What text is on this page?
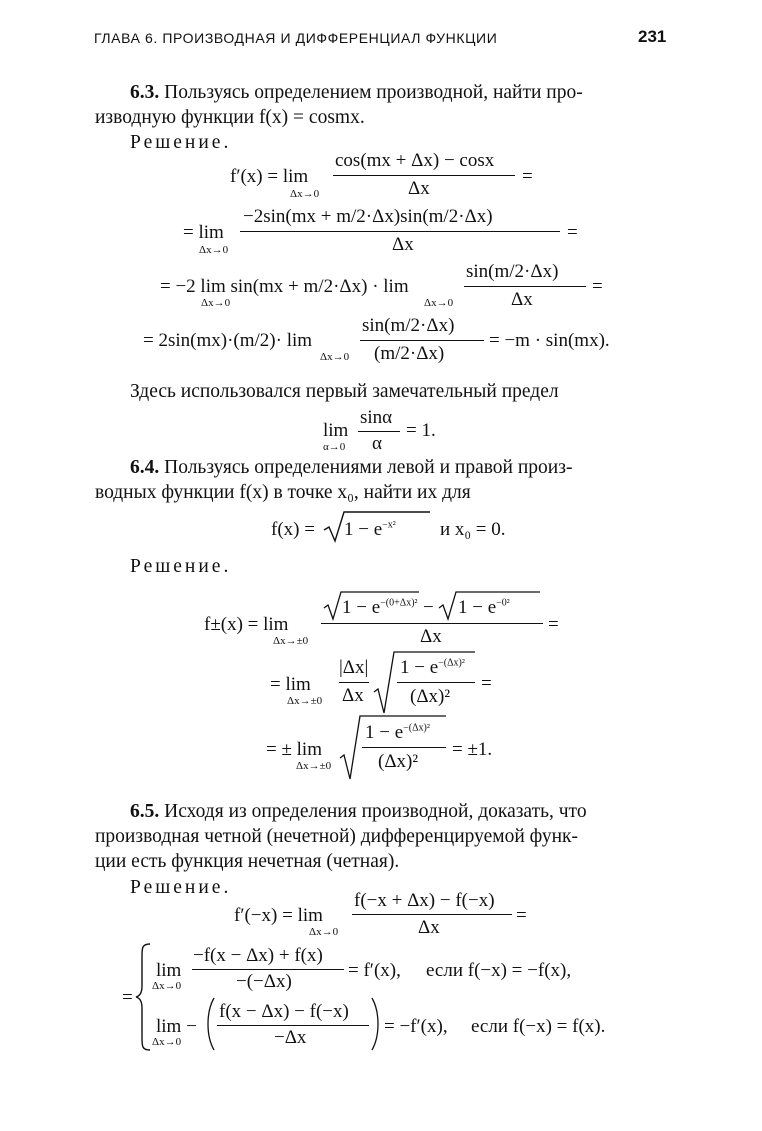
ГЛАВА 6. ПРОИЗВОДНАЯ И ДИФФЕРЕНЦИАЛ ФУНКЦИИ	231
6.3. Пользуясь определением производной, найти про-
изводную функции f(x) = cosmx.
Решение.
f′(x) = lim
Δx→0
cos(mx + Δx) − cosx
Δx
=
= lim
Δx→0
−2sin(mx + m/2·Δx)sin(m/2·Δx)
Δx
=
= −2 lim sin(mx + m/2·Δx) · lim
Δx→0	Δx→0
sin(m/2·Δx)
Δx
=
= 2sin(mx)·(m/2)· lim
Δx→0
sin(m/2·Δx)
(m/2·Δx)
= −m · sin(mx).
Здесь использовался первый замечательный предел
lim
α→0
sinα
α
= 1.
6.4. Пользуясь определениями левой и правой произ-
водных функции f(x) в точке x₀, найти их для
$f(x) = 1 - e^{-x^2}$ и x₀ = 0.
Решение.
f±(x) = lim
Δx→±0
$1 - e^{-(0+\Delta x)^2} - 1 - e^{-0^2}$
Δx
=
= lim
Δx→±0
|Δx|
Δx
$1 - e^{-(\Delta x)^2}$
(Δx)²
=
= ± lim
Δx→±0
$1 - e^{-(\Delta x)^2}$
(Δx)²
= ±1.
6.5. Исходя из определения производной, доказать, что
производная четной (нечетной) дифференцируемой функ-
ции есть функция нечетная (четная).
Решение.
f′(−x) = lim
Δx→0
f(−x + Δx) − f(−x)
Δx
=
=
lim
Δx→0
−f(x − Δx) + f(x)
−(−Δx)
= f′(x), если f(−x) = −f(x),
lim −
Δx→0
f(x − Δx) − f(−x)
−Δx
= −f′(x), если f(−x) = f(x).
